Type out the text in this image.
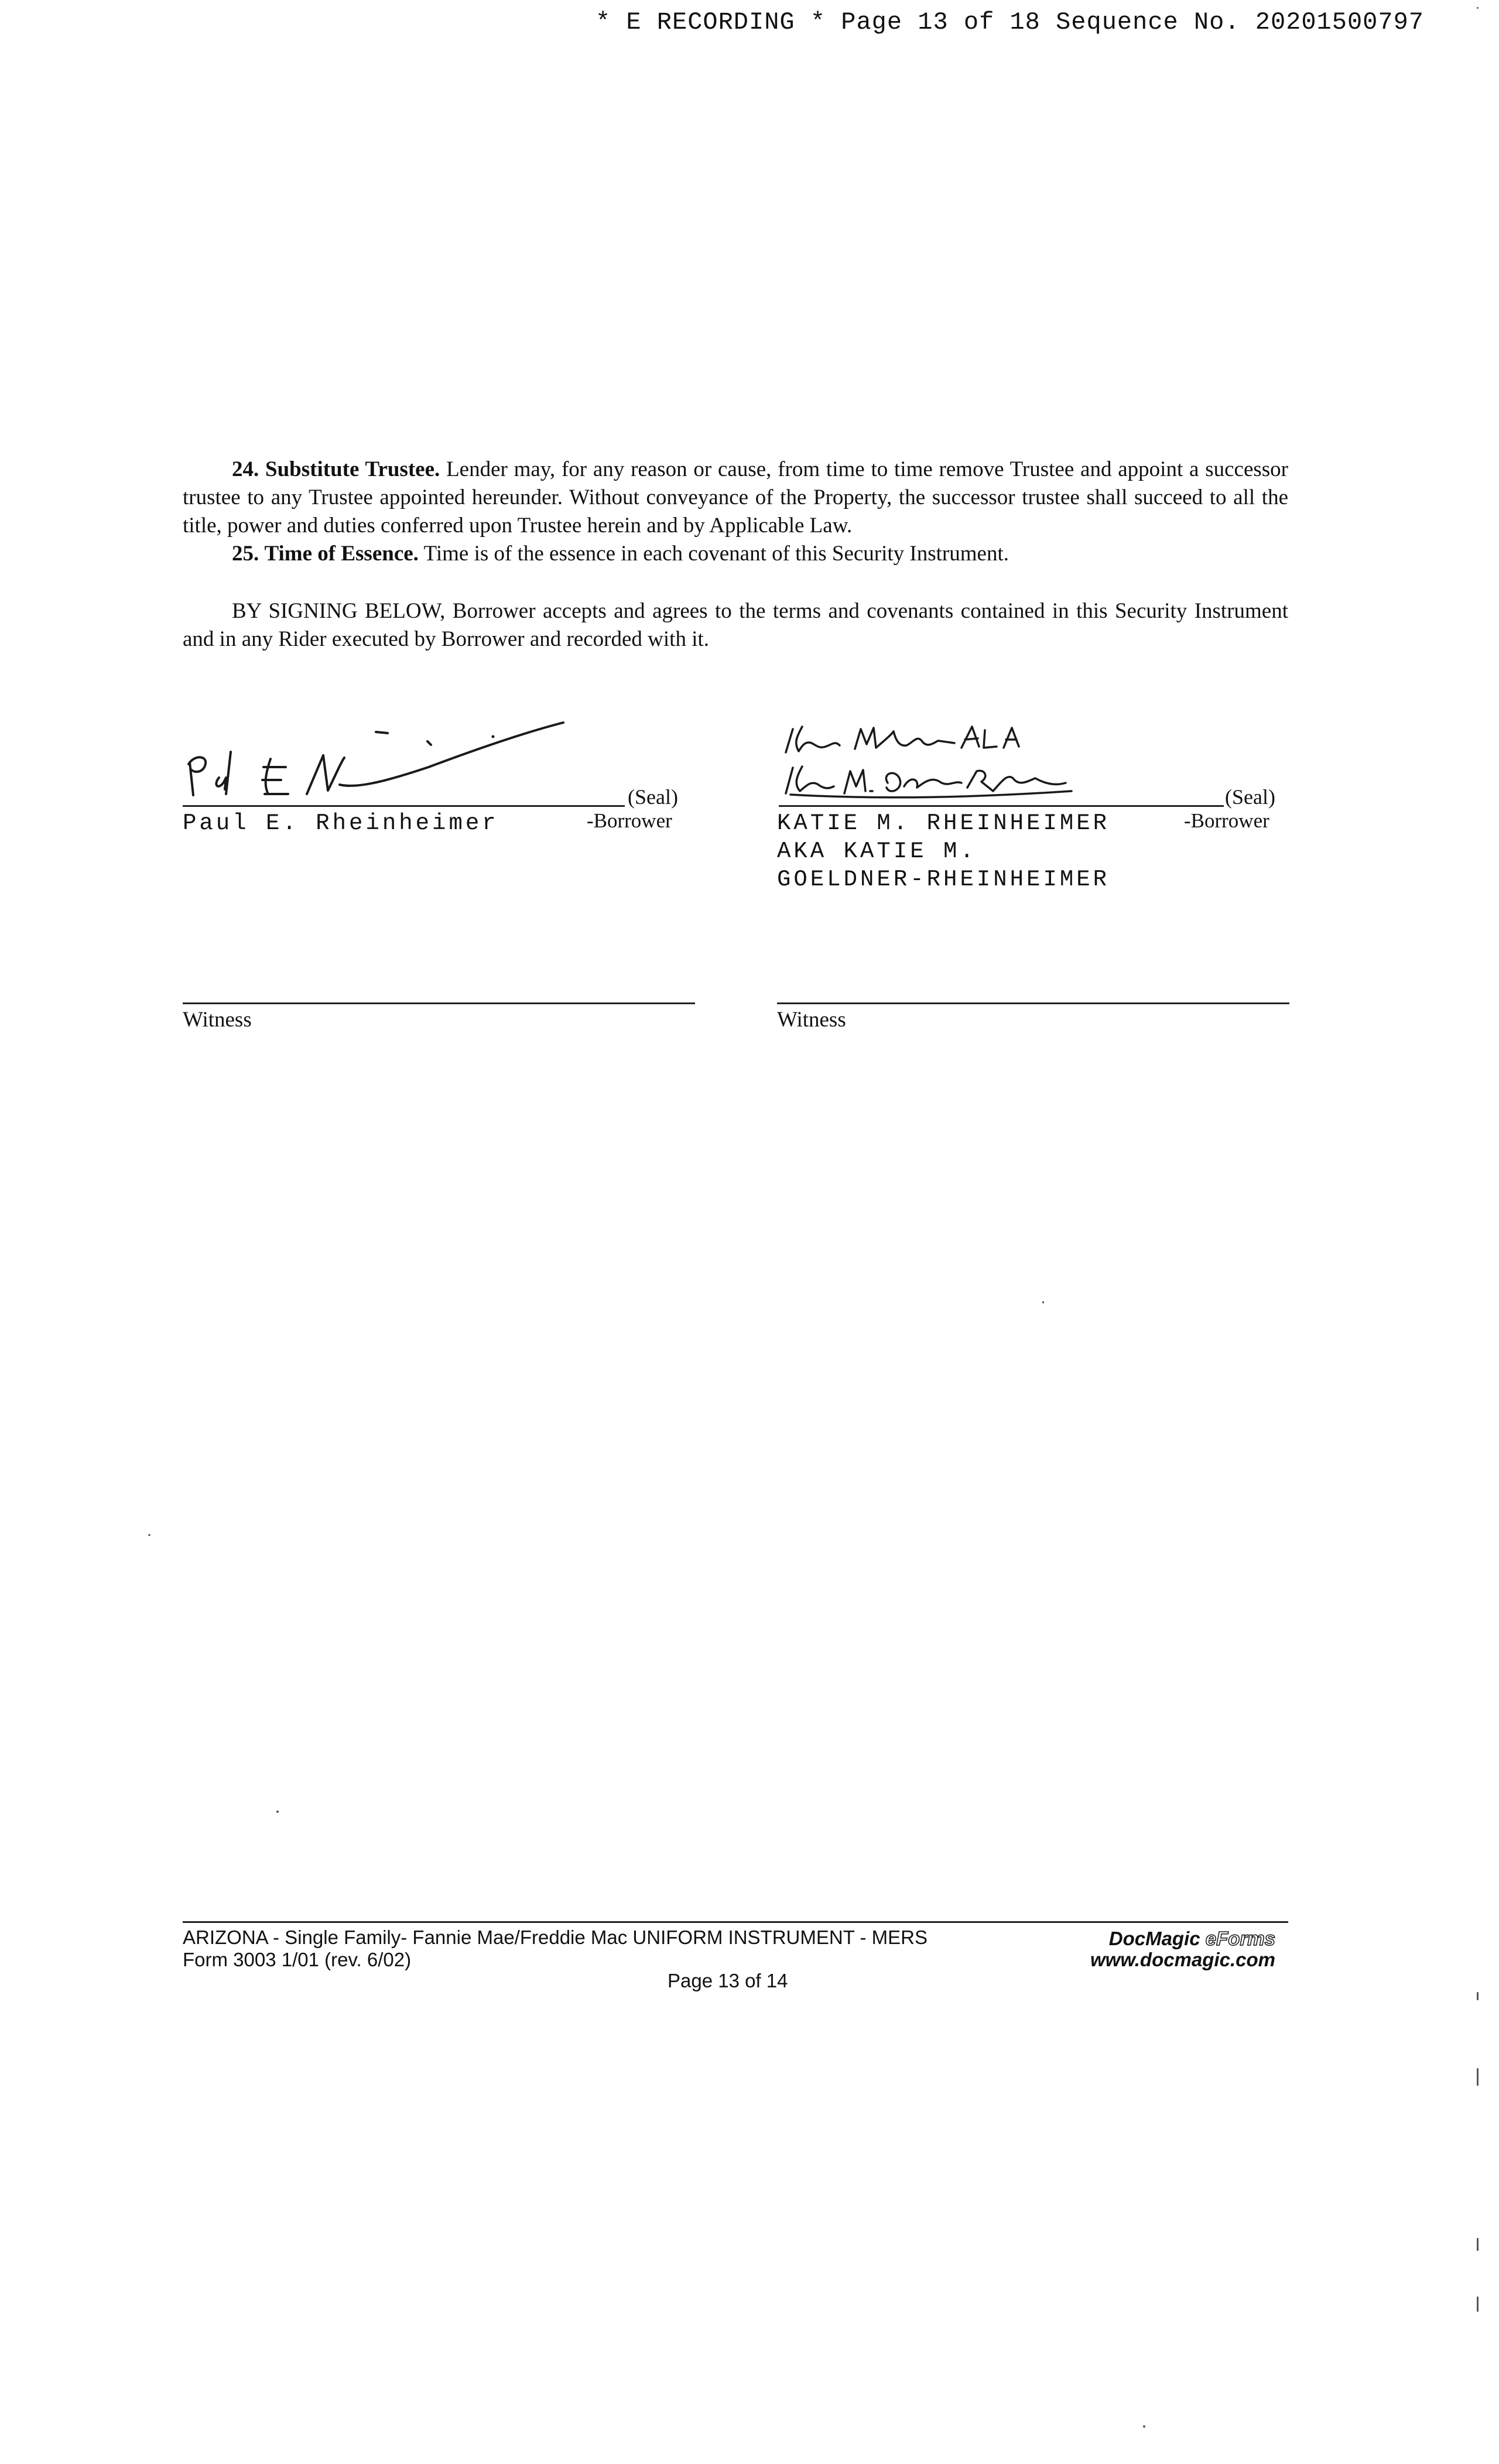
* E RECORDING * Page 13 of 18 Sequence No. 20201500797
24. Substitute Trustee. Lender may, for any reason or cause, from time to time remove Trustee and appoint a successor trustee to any Trustee appointed hereunder. Without conveyance of the Property, the successor trustee shall succeed to all the title, power and duties conferred upon Trustee herein and by Applicable Law.
25. Time of Essence. Time is of the essence in each covenant of this Security Instrument.
BY SIGNING BELOW, Borrower accepts and agrees to the terms and covenants contained in this Security Instrument and in any Rider executed by Borrower and recorded with it.
(Seal)
Paul E. Rheinheimer	-Borrower
(Seal)
KATIE M. RHEINHEIMER
AKA KATIE M.
GOELDNER-RHEINHEIMER
-Borrower
Witness	Witness
ARIZONA - Single Family- Fannie Mae/Freddie Mac UNIFORM INSTRUMENT - MERS
Form 3003 1/01 (rev. 6/02)
Page 13 of 14
DocMagic eForms
www.docmagic.com
